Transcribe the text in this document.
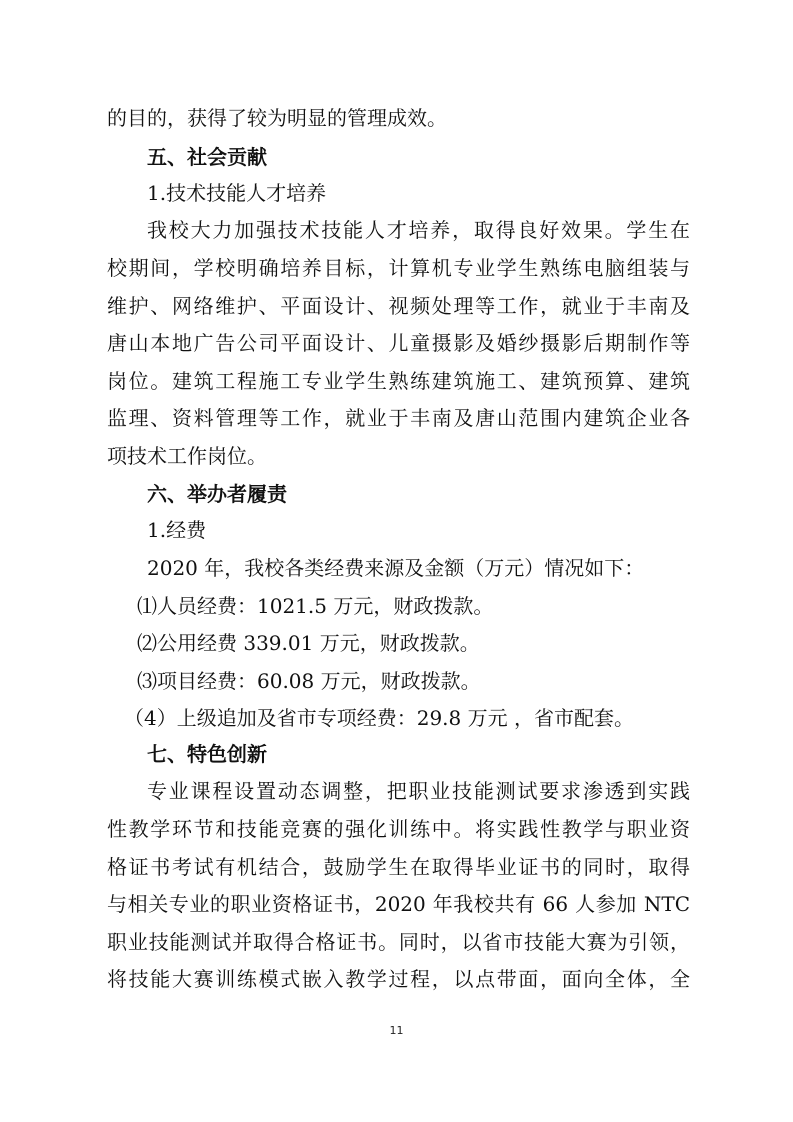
的目的，获得了较为明显的管理成效。
五、社会贡献
1.技术技能人才培养
我校大力加强技术技能人才培养，取得良好效果。学生在
校期间，学校明确培养目标，计算机专业学生熟练电脑组装与
维护、网络维护、平面设计、视频处理等工作，就业于丰南及
唐山本地广告公司平面设计、儿童摄影及婚纱摄影后期制作等
岗位。建筑工程施工专业学生熟练建筑施工、建筑预算、建筑
监理、资料管理等工作，就业于丰南及唐山范围内建筑企业各
项技术工作岗位。
六、举办者履责
1.经费
2020 年，我校各类经费来源及金额（万元）情况如下：
⑴人员经费：1021.5 万元，财政拨款。
⑵公用经费 339.01 万元，财政拨款。
⑶项目经费：60.08 万元，财政拨款。
（4）上级追加及省市专项经费：29.8 万元 ，省市配套。
七、特色创新
专业课程设置动态调整，把职业技能测试要求渗透到实践
性教学环节和技能竞赛的强化训练中。将实践性教学与职业资
格证书考试有机结合，鼓励学生在取得毕业证书的同时，取得
与相关专业的职业资格证书，2020 年我校共有 66 人参加 NTC
职业技能测试并取得合格证书。同时，以省市技能大赛为引领，
将技能大赛训练模式嵌入教学过程，以点带面，面向全体，全
11
